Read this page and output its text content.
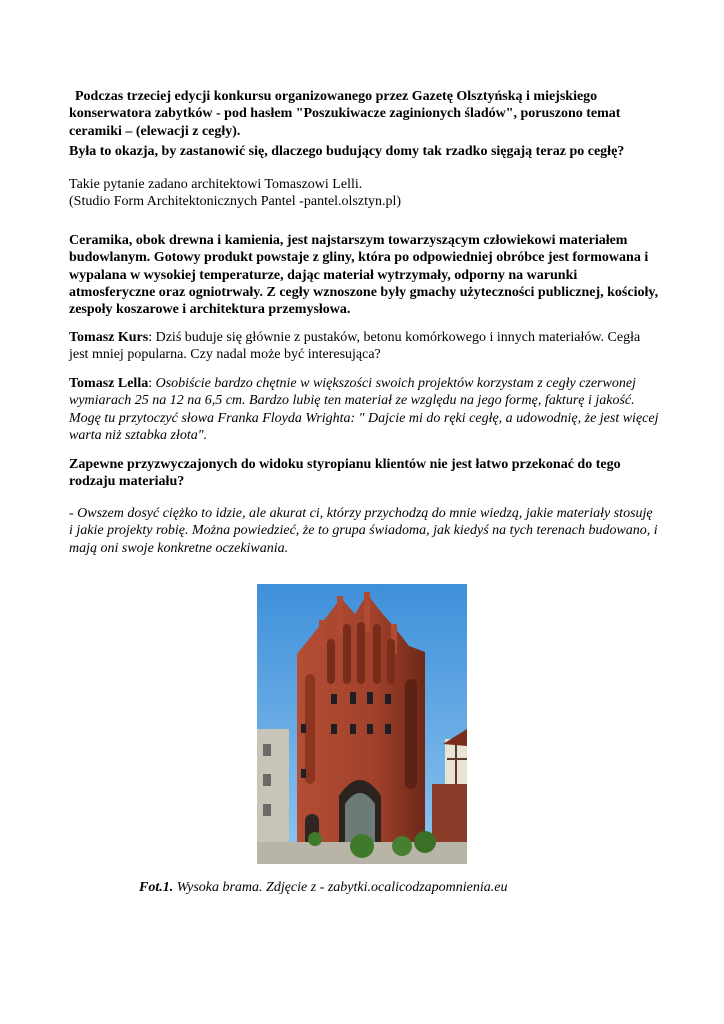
Podczas trzeciej edycji konkursu organizowanego przez Gazetę Olsztyńską i miejskiego konserwatora zabytków - pod hasłem "Poszukiwacze zaginionych śladów", poruszono temat ceramiki – (elewacji z cegły).

Była to okazja, by zastanowić się, dlaczego budujący domy tak rzadko sięgają teraz po cegłę?

Takie pytanie zadano architektowi Tomaszowi Lelli.
(Studio Form Architektonicznych Pantel -pantel.olsztyn.pl)

Ceramika, obok drewna i kamienia, jest najstarszym towarzyszącym człowiekowi materiałem budowlanym. Gotowy produkt powstaje z gliny, która po odpowiedniej obróbce jest formowana i wypalana w wysokiej temperaturze, dając materiał wytrzymały, odporny na warunki atmosferyczne oraz ogniotrwały. Z cegły wznoszone były gmachy użyteczności publicznej, kościoły, zespoły koszarowe i architektura przemysłowa.

Tomasz Kurs: Dziś buduje się głównie z pustaków, betonu komórkowego i innych materiałów. Cegła jest mniej popularna. Czy nadal może być interesująca?

Tomasz Lella: Osobiście bardzo chętnie w większości swoich projektów korzystam z cegły czerwonej wymiarach 25 na 12 na 6,5 cm. Bardzo lubię ten materiał ze względu na jego formę, fakturę i jakość. Mogę tu przytoczyć słowa Franka Floyda Wrighta: " Dajcie mi do ręki cegłę, a udowodnię, że jest więcej warta niż sztabka złota".

Zapewne przyzwyczajonych do widoku styropianu klientów nie jest łatwo przekonać do tego rodzaju materiału?

- Owszem dosyć ciężko to idzie, ale akurat ci, którzy przychodzą do mnie wiedzą, jakie materiały stosuję i jakie projekty robię. Można powiedzieć, że to grupa świadoma, jak kiedyś na tych terenach budowano, i mają oni swoje konkretne oczekiwania.

Fot.1. Wysoka brama. Zdjęcie z - zabytki.ocalicodzapomnienia.eu
